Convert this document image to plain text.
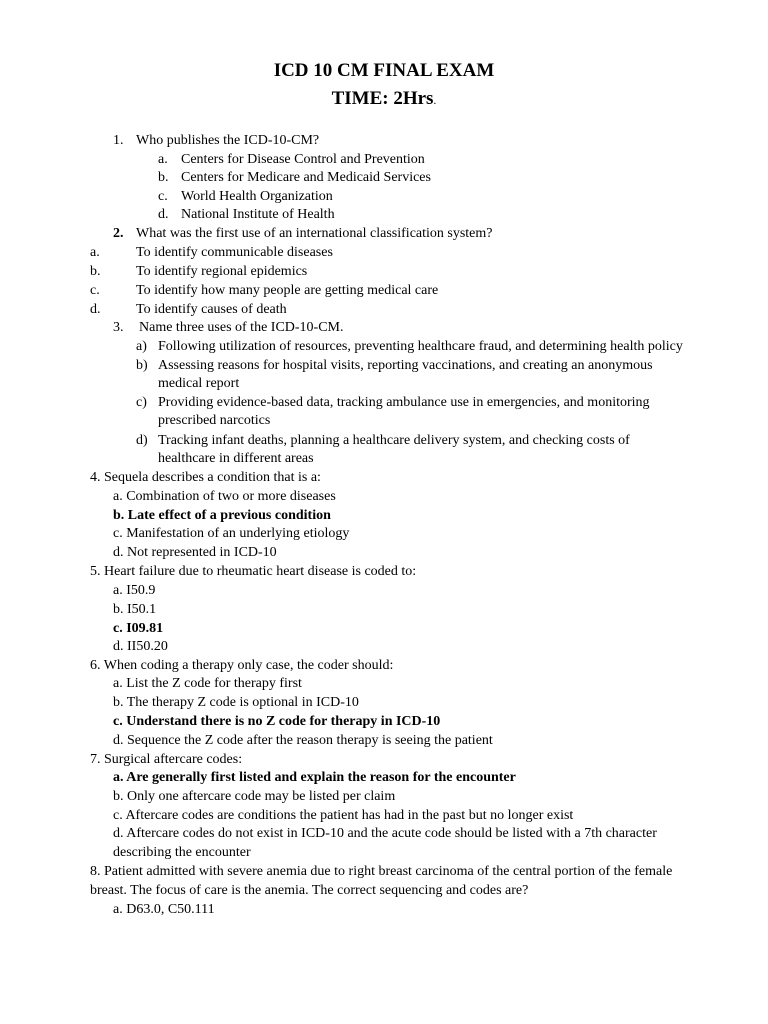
ICD 10 CM FINAL EXAM
TIME: 2Hrs.
1. Who publishes the ICD-10-CM?
a. Centers for Disease Control and Prevention
b. Centers for Medicare and Medicaid Services
c. World Health Organization
d. National Institute of Health
2. What was the first use of an international classification system?
a.	To identify communicable diseases
b.	To identify regional epidemics
c.	To identify how many people are getting medical care
d.	To identify causes of death
3. Name three uses of the ICD-10-CM.
a) Following utilization of resources, preventing healthcare fraud, and determining health policy
b) Assessing reasons for hospital visits, reporting vaccinations, and creating an anonymous
medical report
c) Providing evidence-based data, tracking ambulance use in emergencies, and monitoring
prescribed narcotics
d) Tracking infant deaths, planning a healthcare delivery system, and checking costs of
healthcare in different areas
4. Sequela describes a condition that is a:
a. Combination of two or more diseases
b. Late effect of a previous condition
c. Manifestation of an underlying etiology
d. Not represented in ICD-10
5. Heart failure due to rheumatic heart disease is coded to:
a. I50.9
b. I50.1
c. I09.81
d. II50.20
6. When coding a therapy only case, the coder should:
a. List the Z code for therapy first
b. The therapy Z code is optional in ICD-10
c. Understand there is no Z code for therapy in ICD-10
d. Sequence the Z code after the reason therapy is seeing the patient
7. Surgical aftercare codes:
a. Are generally first listed and explain the reason for the encounter
b. Only one aftercare code may be listed per claim
c. Aftercare codes are conditions the patient has had in the past but no longer exist
d. Aftercare codes do not exist in ICD-10 and the acute code should be listed with a 7th character
describing the encounter
8. Patient admitted with severe anemia due to right breast carcinoma of the central portion of the female
breast. The focus of care is the anemia. The correct sequencing and codes are?
a. D63.0, C50.111
